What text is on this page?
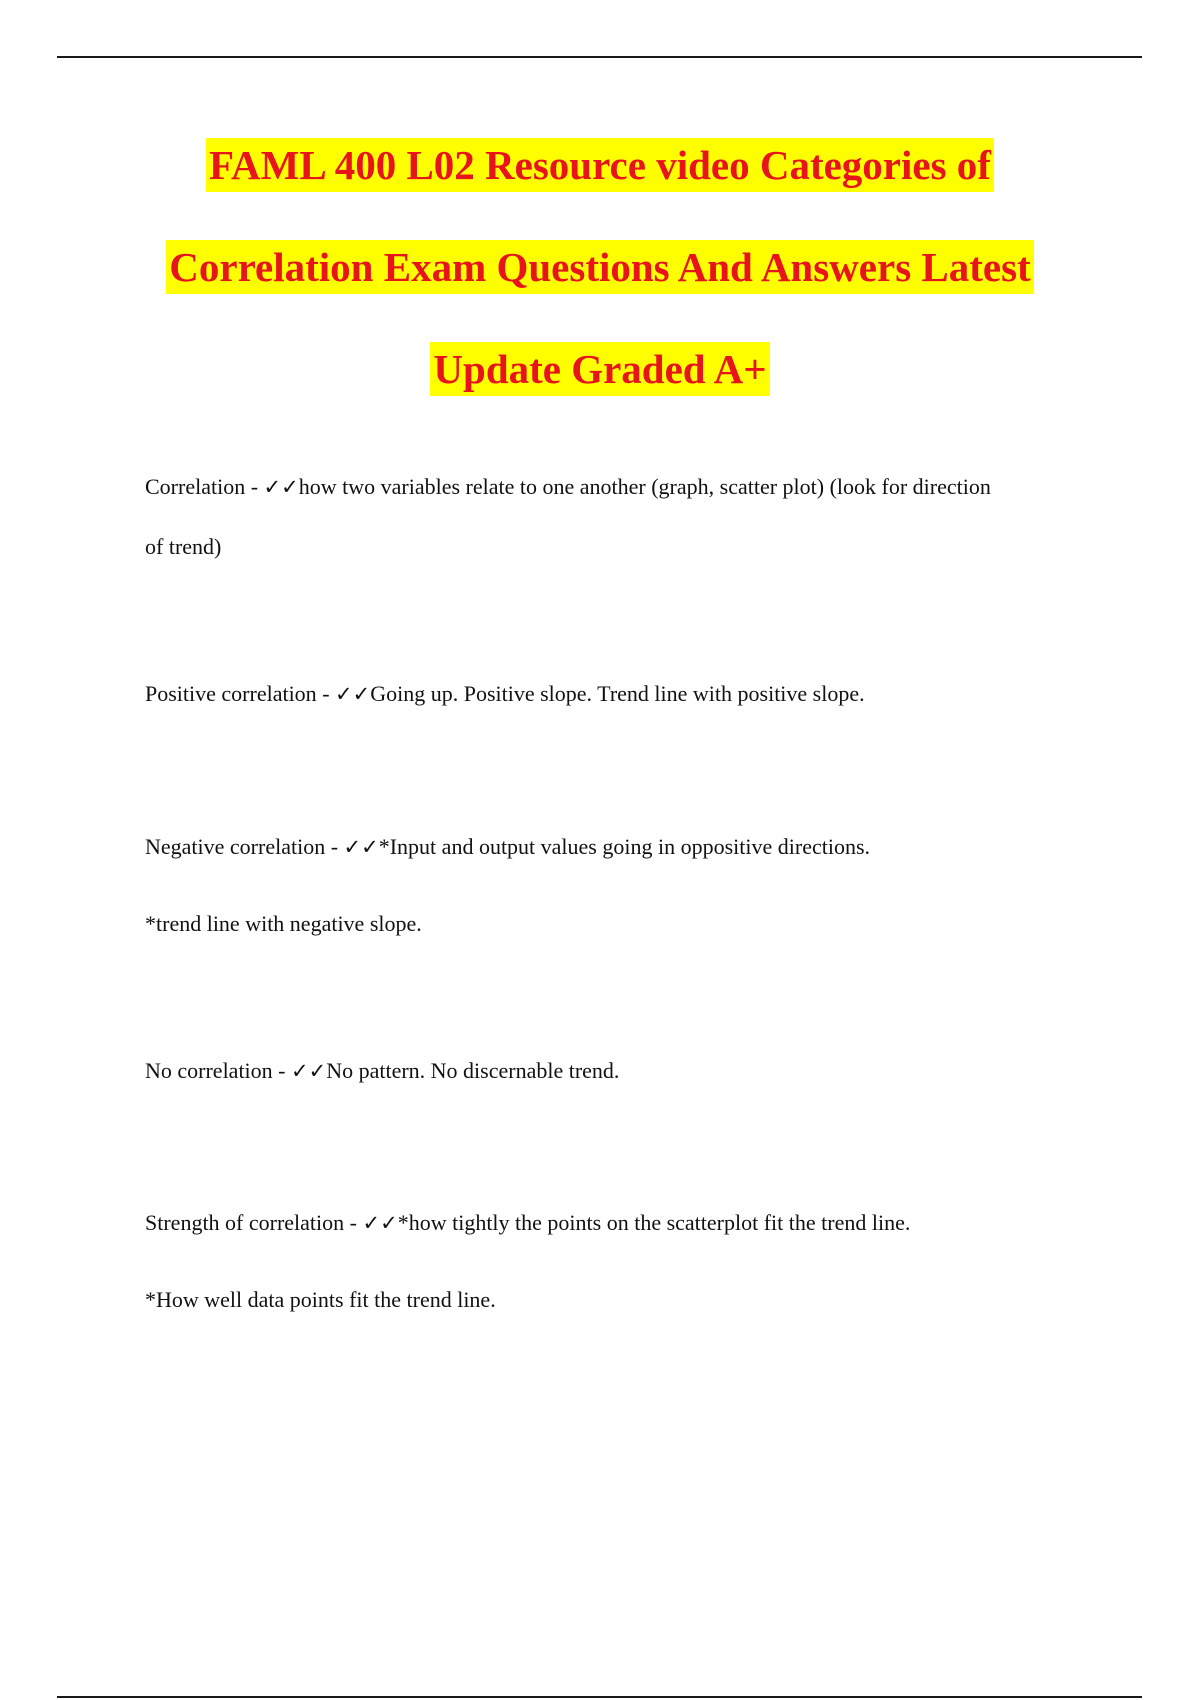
FAML 400 L02 Resource video Categories of
Correlation Exam Questions And Answers Latest
Update Graded A+
Correlation - ✓✓how two variables relate to one another (graph, scatter plot) (look for direction
of trend)
Positive correlation - ✓✓Going up. Positive slope. Trend line with positive slope.
Negative correlation - ✓✓*Input and output values going in oppositive directions.
*trend line with negative slope.
No correlation - ✓✓No pattern. No discernable trend.
Strength of correlation - ✓✓*how tightly the points on the scatterplot fit the trend line.
*How well data points fit the trend line.
